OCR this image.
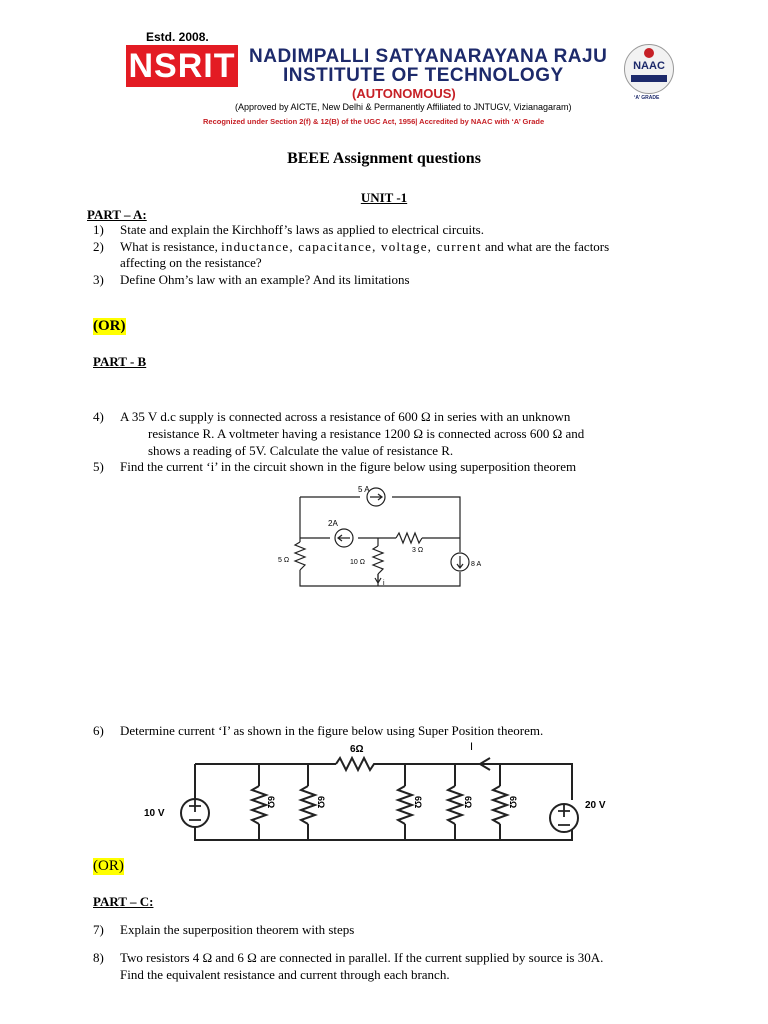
Estd. 2008.
NSRIT NADIMPALLI SATYANARAYANA RAJU
INSTITUTE OF TECHNOLOGY
(AUTONOMOUS)
(Approved by AICTE, New Delhi & Permanently Affiliated to JNTUGV, Vizianagaram)
Recognized under Section 2(f) & 12(B) of the UGC Act, 1956| Accredited by NAAC with ‘A’ Grade
NAAC
‘A’ GRADE
BEEE Assignment questions
UNIT -1
PART – A:
1) State and explain the Kirchhoff’s laws as applied to electrical circuits.
2) What is resistance, inductance, capacitance, voltage, current and what are the factors
affecting on the resistance?
3) Define Ohm’s law with an example? And its limitations
(OR)
PART - B
4) A 35 V d.c supply is connected across a resistance of 600 Ω in series with an unknown
resistance R. A voltmeter having a resistance 1200 Ω is connected across 600 Ω and
shows a reading of 5V. Calculate the value of resistance R.
5) Find the current ‘i’ in the circuit shown in the figure below using superposition theorem
5 A
2A
3 Ω
5 Ω	10 Ω
i
8 A
6) Determine current ‘I’ as shown in the figure below using Super Position theorem.
6Ω	I
6Ω	6Ω	6Ω	6Ω	6Ω
10 V
20 V
(OR)
PART – C:
7) Explain the superposition theorem with steps
8) Two resistors 4 Ω and 6 Ω are connected in parallel. If the current supplied by source is 30A.
Find the equivalent resistance and current through each branch.
